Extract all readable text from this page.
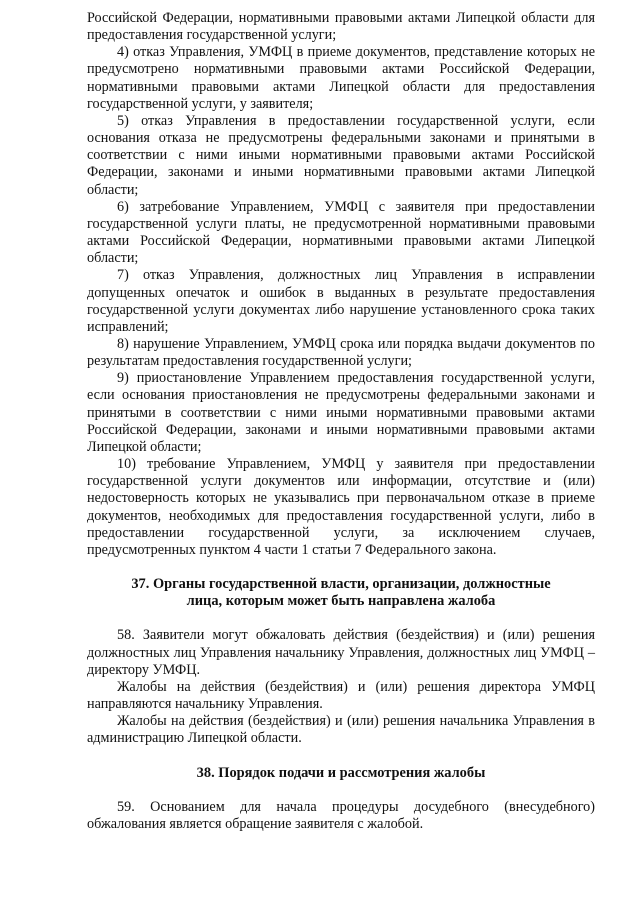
Российской Федерации, нормативными правовыми актами Липецкой области для предоставления государственной услуги;

4) отказ Управления, УМФЦ в приеме документов, представление которых не предусмотрено нормативными правовыми актами Российской Федерации, нормативными правовыми актами Липецкой области для предоставления государственной услуги, у заявителя;

5) отказ Управления в предоставлении государственной услуги, если основания отказа не предусмотрены федеральными законами и принятыми в соответствии с ними иными нормативными правовыми актами Российской Федерации, законами и иными нормативными правовыми актами Липецкой области;

6) затребование Управлением, УМФЦ с заявителя при предоставлении государственной услуги платы, не предусмотренной нормативными правовыми актами Российской Федерации, нормативными правовыми актами Липецкой области;

7) отказ Управления, должностных лиц Управления в исправлении допущенных опечаток и ошибок в выданных в результате предоставления государственной услуги документах либо нарушение установленного срока таких исправлений;

8) нарушение Управлением, УМФЦ срока или порядка выдачи документов по результатам предоставления государственной услуги;

9) приостановление Управлением предоставления государственной услуги, если основания приостановления не предусмотрены федеральными законами и принятыми в соответствии с ними иными нормативными правовыми актами Российской Федерации, законами и иными нормативными правовыми актами Липецкой области;

10) требование Управлением, УМФЦ у заявителя при предоставлении государственной услуги документов или информации, отсутствие и (или) недостоверность которых не указывались при первоначальном отказе в приеме документов, необходимых для предоставления государственной услуги, либо в предоставлении государственной услуги, за исключением случаев, предусмотренных пунктом 4 части 1 статьи 7 Федерального закона.

37. Органы государственной власти, организации, должностные
лица, которым может быть направлена жалоба

58. Заявители могут обжаловать действия (бездействия) и (или) решения должностных лиц Управления начальнику Управления, должностных лиц УМФЦ – директору УМФЦ.

Жалобы на действия (бездействия) и (или) решения директора УМФЦ направляются начальнику Управления.

Жалобы на действия (бездействия) и (или) решения начальника Управления в администрацию Липецкой области.

38. Порядок подачи и рассмотрения жалобы

59. Основанием для начала процедуры досудебного (внесудебного) обжалования является обращение заявителя с жалобой.
